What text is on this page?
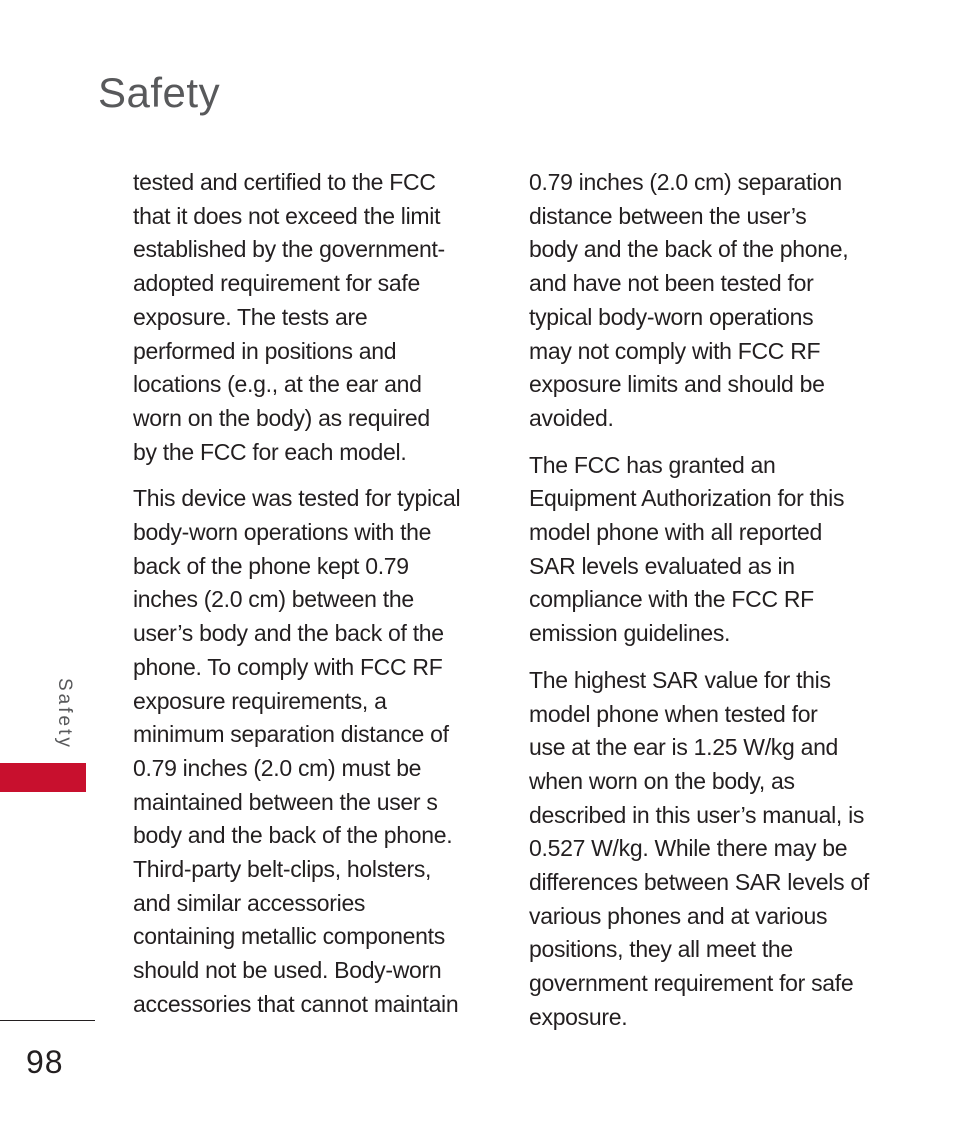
Safety

tested and certified to the FCC
that it does not exceed the limit
established by the government-
adopted requirement for safe
exposure. The tests are
performed in positions and
locations (e.g., at the ear and
worn on the body) as required
by the FCC for each model.

This device was tested for typical
body-worn operations with the
back of the phone kept 0.79
inches (2.0 cm) between the
user’s body and the back of the
phone. To comply with FCC RF
exposure requirements, a
minimum separation distance of
0.79 inches (2.0 cm) must be
maintained between the user s
body and the back of the phone.
Third-party belt-clips, holsters,
and similar accessories
containing metallic components
should not be used. Body-worn
accessories that cannot maintain

0.79 inches (2.0 cm) separation
distance between the user’s
body and the back of the phone,
and have not been tested for
typical body-worn operations
may not comply with FCC RF
exposure limits and should be
avoided.

The FCC has granted an
Equipment Authorization for this
model phone with all reported
SAR levels evaluated as in
compliance with the FCC RF
emission guidelines.

The highest SAR value for this
model phone when tested for
use at the ear is 1.25 W/kg and
when worn on the body, as
described in this user’s manual, is
0.527 W/kg. While there may be
differences between SAR levels of
various phones and at various
positions, they all meet the
government requirement for safe
exposure.

Safety
98
